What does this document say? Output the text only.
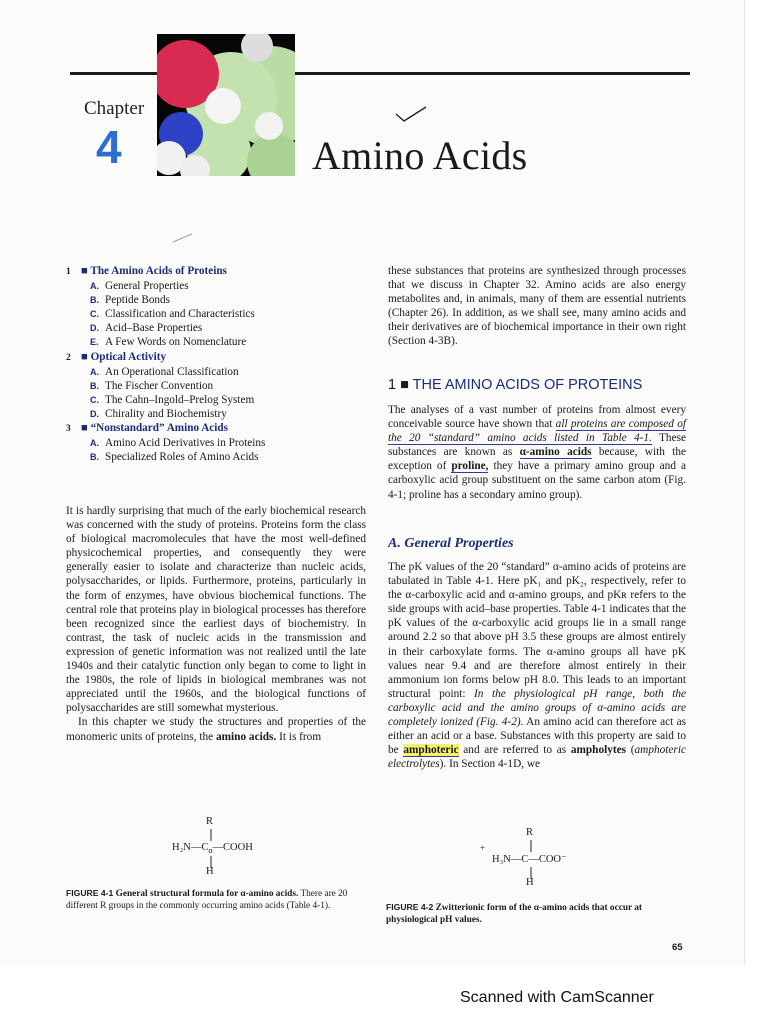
Chapter
4	Amino Acids
1 ■ The Amino Acids of Proteins
A. General Properties
B. Peptide Bonds
C. Classification and Characteristics
D. Acid–Base Properties
E. A Few Words on Nomenclature
2 ■ Optical Activity
A. An Operational Classification
B. The Fischer Convention
C. The Cahn–Ingold–Prelog System
D. Chirality and Biochemistry
3 ■ “Nonstandard” Amino Acids
A. Amino Acid Derivatives in Proteins
B. Specialized Roles of Amino Acids

It is hardly surprising that much of the early biochemical research was concerned with the study of proteins. Proteins form the class of biological macromolecules that have the most well-defined physicochemical properties, and consequently they were generally easier to isolate and characterize than nucleic acids, polysaccharides, or lipids. Furthermore, proteins, particularly in the form of enzymes, have obvious biochemical functions. The central role that proteins play in biological processes has therefore been recognized since the earliest days of biochemistry. In contrast, the task of nucleic acids in the transmission and expression of genetic information was not realized until the late 1940s and their catalytic function only began to come to light in the 1980s, the role of lipids in biological membranes was not appreciated until the 1960s, and the biological functions of polysaccharides are still somewhat mysterious.

In this chapter we study the structures and properties of the monomeric units of proteins, the amino acids. It is from

these substances that proteins are synthesized through processes that we discuss in Chapter 32. Amino acids are also energy metabolites and, in animals, many of them are essential nutrients (Chapter 26). In addition, as we shall see, many amino acids and their derivatives are of biochemical importance in their own right (Section 4-3B).
1 ■ THE AMINO ACIDS OF PROTEINS
The analyses of a vast number of proteins from almost every conceivable source have shown that all proteins are composed of the 20 “standard” amino acids listed in Table 4-1. These substances are known as α-amino acids because, with the exception of proline, they have a primary amino group and a carboxylic acid group substituent on the same carbon atom (Fig. 4-1; proline has a secondary amino group).
A. General Properties
The pK values of the 20 “standard” α-amino acids of proteins are tabulated in Table 4-1. Here pK₁ and pK₂, respectively, refer to the α-carboxylic acid and α-amino groups, and pKʀ refers to the side groups with acid–base properties. Table 4-1 indicates that the pK values of the α-carboxylic acid groups lie in a small range around 2.2 so that above pH 3.5 these groups are almost entirely in their carboxylate forms. The α-amino groups all have pK values near 9.4 and are therefore almost entirely in their ammonium ion forms below pH 8.0. This leads to an important structural point: In the physiological pH range, both the carboxylic acid and the amino groups of α-amino acids are completely ionized (Fig. 4-2). An amino acid can therefore act as either an acid or a base. Substances with this property are said to be amphoteric and are referred to as ampholytes (amphoteric electrolytes). In Section 4-1D, we
R
$H_2N—C_\alpha—COOH$
H
FIGURE 4-1 General structural formula for α-amino acids. There are 20 different R groups in the commonly occurring amino acids (Table 4-1).
R
+
H₃N—C—COO⁻
H
FIGURE 4-2 Zwitterionic form of the α-amino acids that occur at physiological pH values.
65
Scanned with CamScanner
